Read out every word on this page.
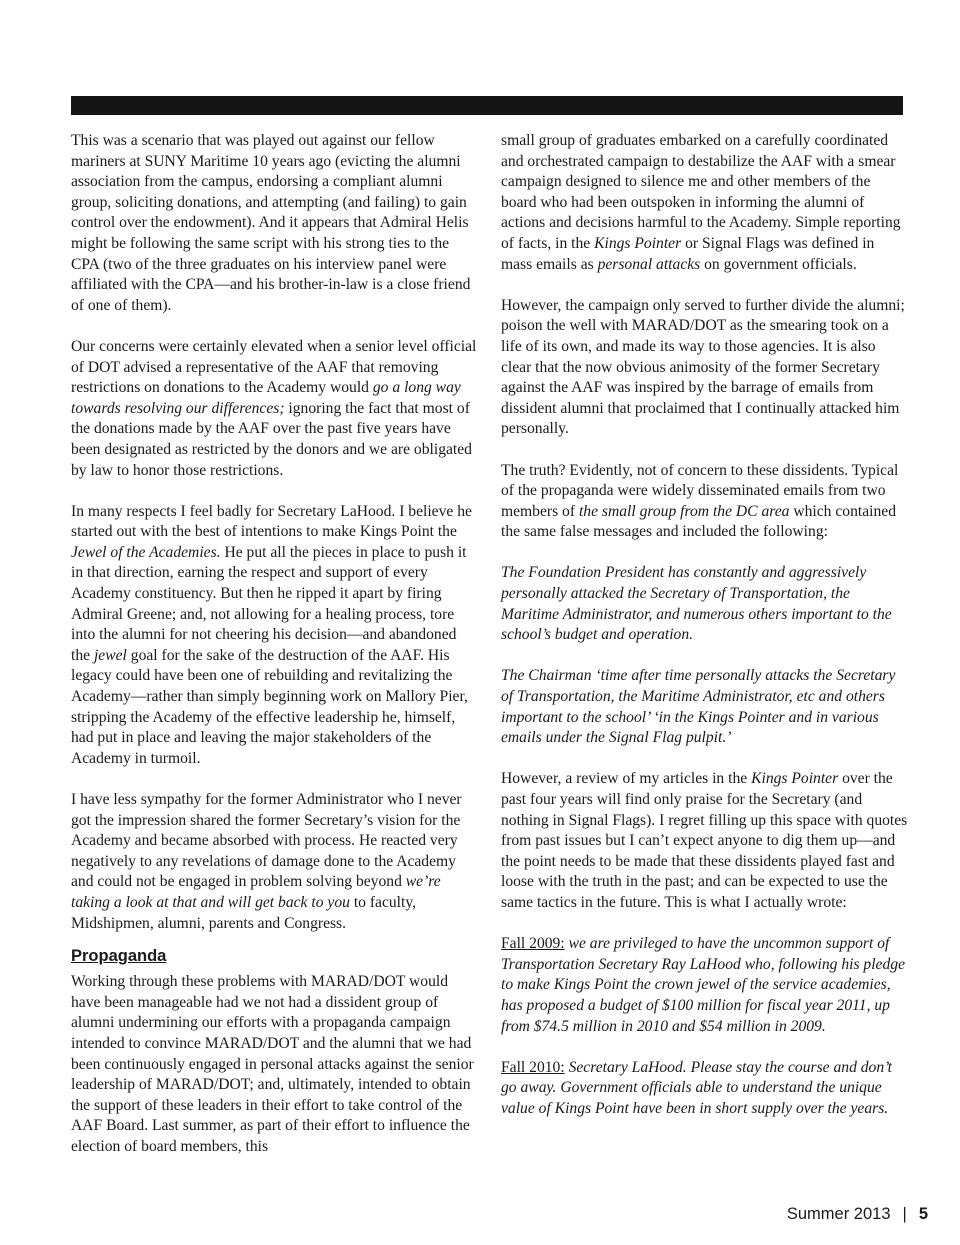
This was a scenario that was played out against our fellow mariners at SUNY Maritime 10 years ago (evicting the alumni association from the campus, endorsing a compliant alumni group, soliciting donations, and attempting (and failing) to gain control over the endowment). And it appears that Admiral Helis might be following the same script with his strong ties to the CPA (two of the three graduates on his interview panel were affiliated with the CPA—and his brother-in-law is a close friend of one of them).

Our concerns were certainly elevated when a senior level official of DOT advised a representative of the AAF that removing restrictions on donations to the Academy would go a long way towards resolving our differences; ignoring the fact that most of the donations made by the AAF over the past five years have been designated as restricted by the donors and we are obligated by law to honor those restrictions.

In many respects I feel badly for Secretary LaHood. I believe he started out with the best of intentions to make Kings Point the Jewel of the Academies. He put all the pieces in place to push it in that direction, earning the respect and support of every Academy constituency. But then he ripped it apart by firing Admiral Greene; and, not allowing for a healing process, tore into the alumni for not cheering his decision—and abandoned the jewel goal for the sake of the destruction of the AAF. His legacy could have been one of rebuilding and revitalizing the Academy—rather than simply beginning work on Mallory Pier, stripping the Academy of the effective leadership he, himself, had put in place and leaving the major stakeholders of the Academy in turmoil.

I have less sympathy for the former Administrator who I never got the impression shared the former Secretary’s vision for the Academy and became absorbed with process. He reacted very negatively to any revelations of damage done to the Academy and could not be engaged in problem solving beyond we’re taking a look at that and will get back to you to faculty, Midshipmen, alumni, parents and Congress.

Propaganda

Working through these problems with MARAD/DOT would have been manageable had we not had a dissident group of alumni undermining our efforts with a propaganda campaign intended to convince MARAD/DOT and the alumni that we had been continuously engaged in personal attacks against the senior leadership of MARAD/DOT; and, ultimately, intended to obtain the support of these leaders in their effort to take control of the AAF Board. Last summer, as part of their effort to influence the election of board members, this

small group of graduates embarked on a carefully coordinated and orchestrated campaign to destabilize the AAF with a smear campaign designed to silence me and other members of the board who had been outspoken in informing the alumni of actions and decisions harmful to the Academy. Simple reporting of facts, in the Kings Pointer or Signal Flags was defined in mass emails as personal attacks on government officials.

However, the campaign only served to further divide the alumni; poison the well with MARAD/DOT as the smearing took on a life of its own, and made its way to those agencies. It is also clear that the now obvious animosity of the former Secretary against the AAF was inspired by the barrage of emails from dissident alumni that proclaimed that I continually attacked him personally.

The truth? Evidently, not of concern to these dissidents. Typical of the propaganda were widely disseminated emails from two members of the small group from the DC area which contained the same false messages and included the following:

The Foundation President has constantly and aggressively personally attacked the Secretary of Transportation, the Maritime Administrator, and numerous others important to the school’s budget and operation.

The Chairman ‘time after time personally attacks the Secretary of Transportation, the Maritime Administrator, etc and others important to the school’ ‘in the Kings Pointer and in various emails under the Signal Flag pulpit.’

However, a review of my articles in the Kings Pointer over the past four years will find only praise for the Secretary (and nothing in Signal Flags). I regret filling up this space with quotes from past issues but I can’t expect anyone to dig them up—and the point needs to be made that these dissidents played fast and loose with the truth in the past; and can be expected to use the same tactics in the future. This is what I actually wrote:

Fall 2009: we are privileged to have the uncommon support of Transportation Secretary Ray LaHood who, following his pledge to make Kings Point the crown jewel of the service academies, has proposed a budget of $100 million for fiscal year 2011, up from $74.5 million in 2010 and $54 million in 2009.

Fall 2010: Secretary LaHood. Please stay the course and don’t go away. Government officials able to understand the unique value of Kings Point have been in short supply over the years.

Summer 2013 | 5
